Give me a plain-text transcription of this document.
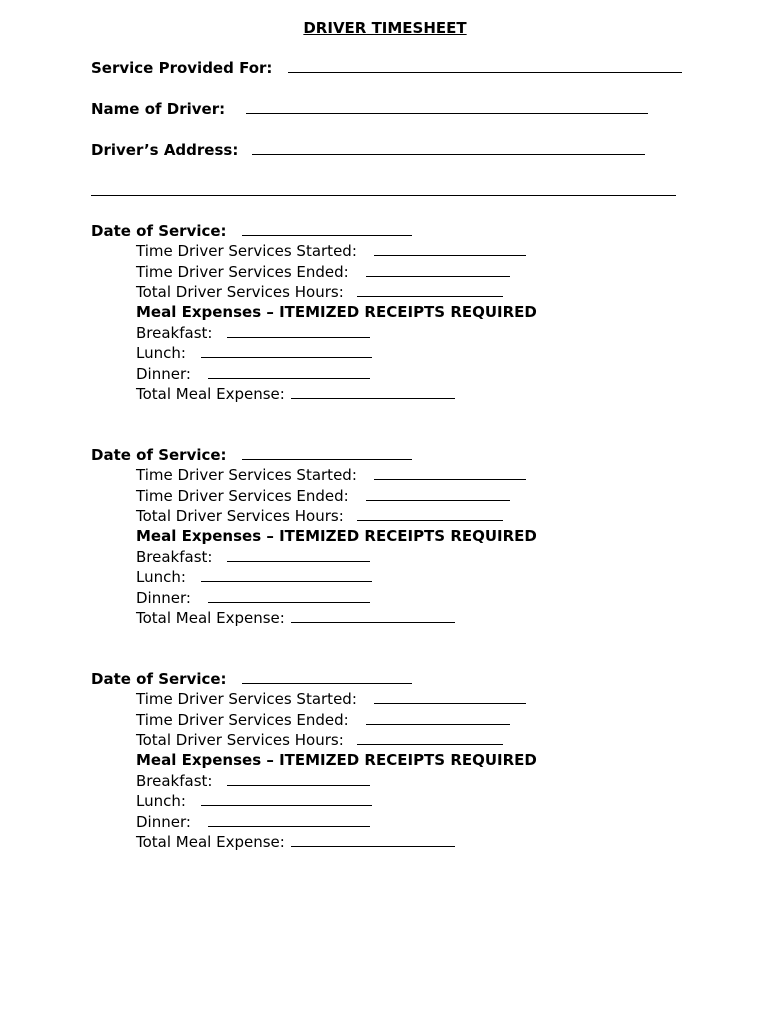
DRIVER TIMESHEET
Service Provided For:
Name of Driver:
Driver’s Address:
Date of Service:
Time Driver Services Started:
Time Driver Services Ended:
Total Driver Services Hours:
Meal Expenses – ITEMIZED RECEIPTS REQUIRED
Breakfast:
Lunch:
Dinner:
Total Meal Expense:
Date of Service:
Time Driver Services Started:
Time Driver Services Ended:
Total Driver Services Hours:
Meal Expenses – ITEMIZED RECEIPTS REQUIRED
Breakfast:
Lunch:
Dinner:
Total Meal Expense:
Date of Service:
Time Driver Services Started:
Time Driver Services Ended:
Total Driver Services Hours:
Meal Expenses – ITEMIZED RECEIPTS REQUIRED
Breakfast:
Lunch:
Dinner:
Total Meal Expense:
